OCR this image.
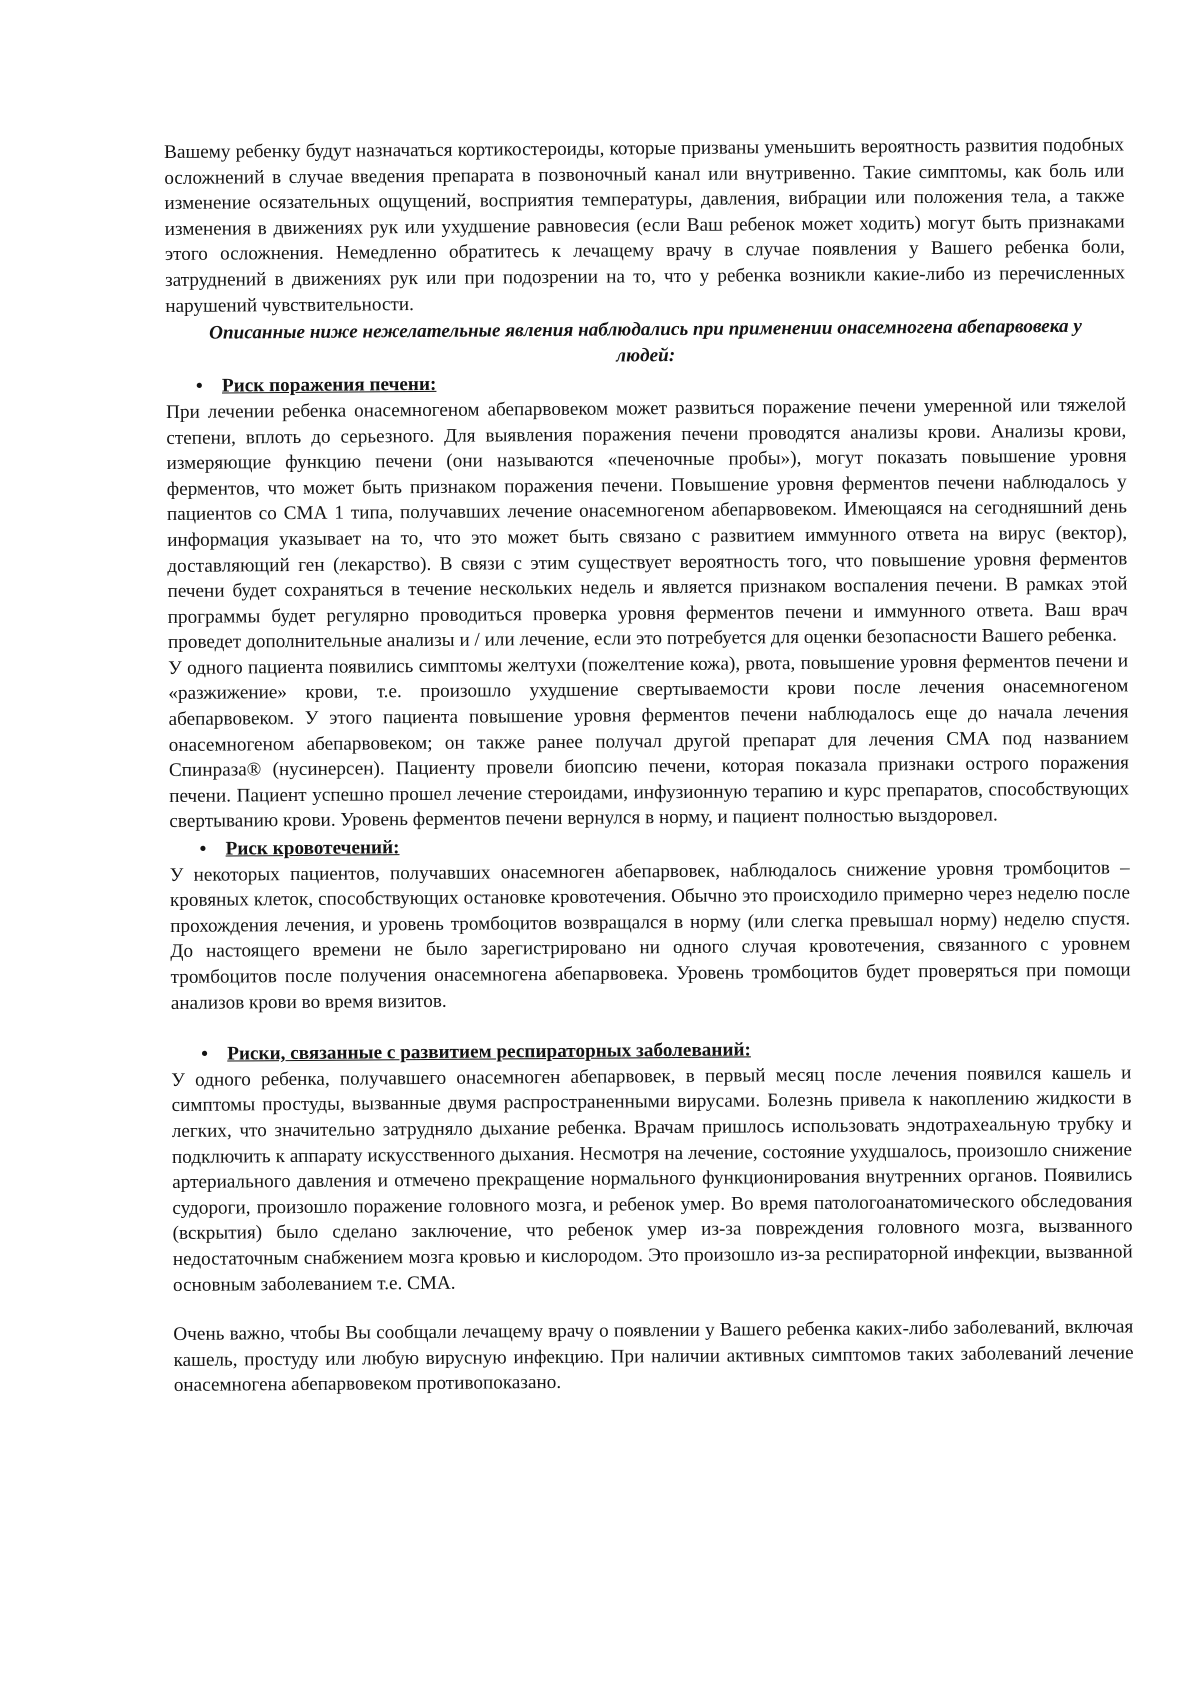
Вашему ребенку будут назначаться кортикостероиды, которые призваны уменьшить вероятность развития подобных осложнений в случае введения препарата в позвоночный канал или внутривенно. Такие симптомы, как боль или изменение осязательных ощущений, восприятия температуры, давления, вибрации или положения тела, а также изменения в движениях рук или ухудшение равновесия (если Ваш ребенок может ходить) могут быть признаками этого осложнения. Немедленно обратитесь к лечащему врачу в случае появления у Вашего ребенка боли, затруднений в движениях рук или при подозрении на то, что у ребенка возникли какие-либо из перечисленных нарушений чувствительности.

Описанные ниже нежелательные явления наблюдались при применении онасемногена абепарвовека у людей:

• Риск поражения печени:

При лечении ребенка онасемногеном абепарвовеком может развиться поражение печени умеренной или тяжелой степени, вплоть до серьезного. Для выявления поражения печени проводятся анализы крови. Анализы крови, измеряющие функцию печени (они называются «печеночные пробы»), могут показать повышение уровня ферментов, что может быть признаком поражения печени. Повышение уровня ферментов печени наблюдалось у пациентов со СМА 1 типа, получавших лечение онасемногеном абепарвовеком. Имеющаяся на сегодняшний день информация указывает на то, что это может быть связано с развитием иммунного ответа на вирус (вектор), доставляющий ген (лекарство). В связи с этим существует вероятность того, что повышение уровня ферментов печени будет сохраняться в течение нескольких недель и является признаком воспаления печени. В рамках этой программы будет регулярно проводиться проверка уровня ферментов печени и иммунного ответа. Ваш врач проведет дополнительные анализы и / или лечение, если это потребуется для оценки безопасности Вашего ребенка.

У одного пациента появились симптомы желтухи (пожелтение кожа), рвота, повышение уровня ферментов печени и «разжижение» крови, т.е. произошло ухудшение свертываемости крови после лечения онасемногеном абепарвовеком. У этого пациента повышение уровня ферментов печени наблюдалось еще до начала лечения онасемногеном абепарвовеком; он также ранее получал другой препарат для лечения СМА под названием Спинраза® (нусинерсен). Пациенту провели биопсию печени, которая показала признаки острого поражения печени. Пациент успешно прошел лечение стероидами, инфузионную терапию и курс препаратов, способствующих свертыванию крови. Уровень ферментов печени вернулся в норму, и пациент полностью выздоровел.

• Риск кровотечений:

У некоторых пациентов, получавших онасемноген абепарвовек, наблюдалось снижение уровня тромбоцитов – кровяных клеток, способствующих остановке кровотечения. Обычно это происходило примерно через неделю после прохождения лечения, и уровень тромбоцитов возвращался в норму (или слегка превышал норму) неделю спустя. До настоящего времени не было зарегистрировано ни одного случая кровотечения, связанного с уровнем тромбоцитов после получения онасемногена абепарвовека. Уровень тромбоцитов будет проверяться при помощи анализов крови во время визитов.

• Риски, связанные с развитием респираторных заболеваний:

У одного ребенка, получавшего онасемноген абепарвовек, в первый месяц после лечения появился кашель и симптомы простуды, вызванные двумя распространенными вирусами. Болезнь привела к накоплению жидкости в легких, что значительно затрудняло дыхание ребенка. Врачам пришлось использовать эндотрахеальную трубку и подключить к аппарату искусственного дыхания. Несмотря на лечение, состояние ухудшалось, произошло снижение артериального давления и отмечено прекращение нормального функционирования внутренних органов. Появились судороги, произошло поражение головного мозга, и ребенок умер. Во время патологоанатомического обследования (вскрытия) было сделано заключение, что ребенок умер из-за повреждения головного мозга, вызванного недостаточным снабжением мозга кровью и кислородом. Это произошло из-за респираторной инфекции, вызванной основным заболеванием т.е. СМА.

Очень важно, чтобы Вы сообщали лечащему врачу о появлении у Вашего ребенка каких-либо заболеваний, включая кашель, простуду или любую вирусную инфекцию. При наличии активных симптомов таких заболеваний лечение онасемногена абепарвовеком противопоказано.
